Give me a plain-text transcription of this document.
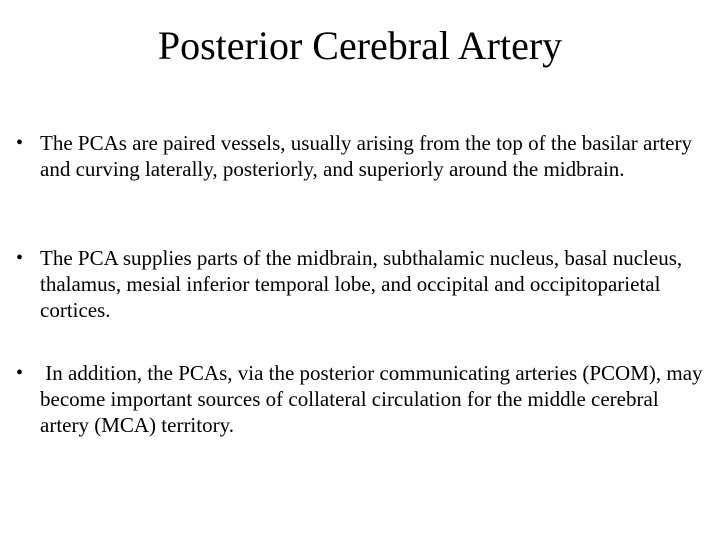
Posterior Cerebral Artery
• The PCAs are paired vessels, usually arising from the top of the basilar artery and curving laterally, posteriorly, and superiorly around the midbrain.

• The PCA supplies parts of the midbrain, subthalamic nucleus, basal nucleus, thalamus, mesial inferior temporal lobe, and occipital and occipitoparietal cortices.

• In addition, the PCAs, via the posterior communicating arteries (PCOM), may become important sources of collateral circulation for the middle cerebral artery (MCA) territory.
